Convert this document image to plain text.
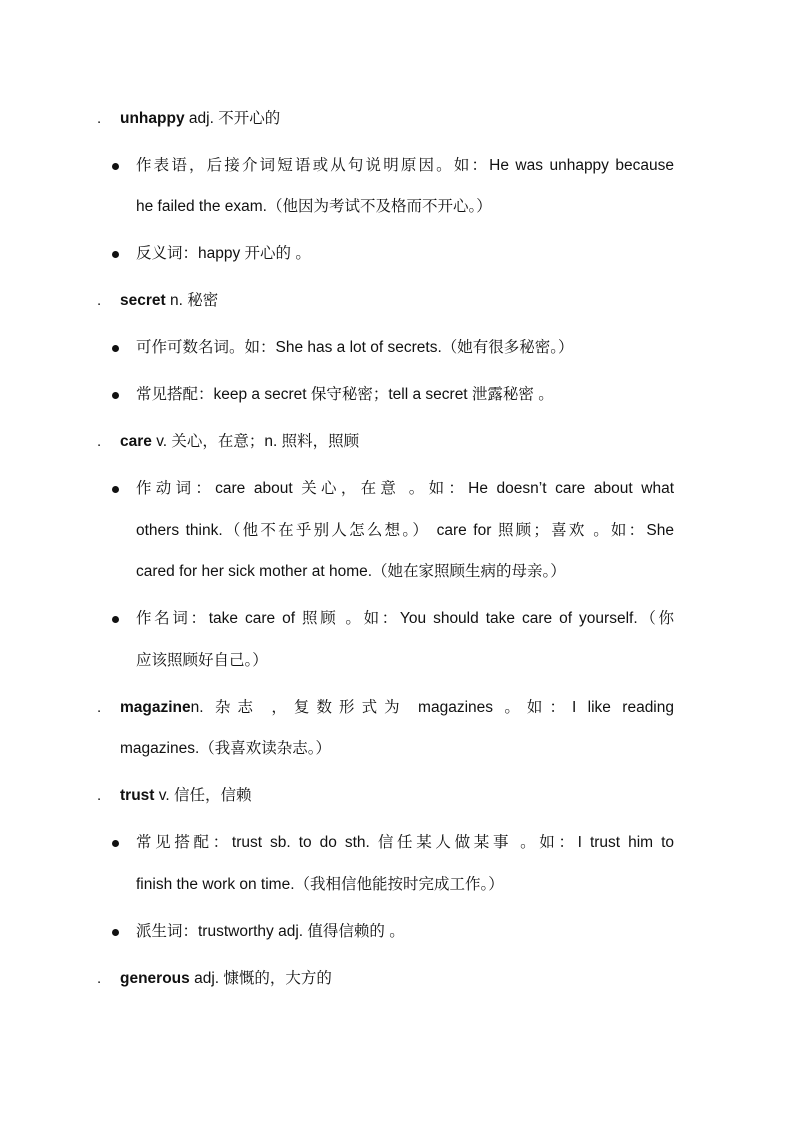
. unhappy adj. 不开心的
作表语，后接介词短语或从句说明原因。如：He was unhappy because
he failed the exam.（他因为考试不及格而不开心。）
反义词：happy 开心的 。
. secret n. 秘密
可作可数名词。如：She has a lot of secrets.（她有很多秘密。）
常见搭配：keep a secret 保守秘密；tell a secret 泄露秘密 。
. care v. 关心，在意；n. 照料，照顾
作动词：care about 关心，在意 。如：He doesn’t care about what
others think.（他不在乎别人怎么想。） care for 照顾；喜欢 。如：She
cared for her sick mother at home.（她在家照顾生病的母亲。）
作名词：take care of 照顾 。如：You should take care of yourself.（你
应该照顾好自己。）
. magazine n. 杂志 ，复数形式为 magazines 。如：I like reading
magazines.（我喜欢读杂志。）
. trust v. 信任，信赖
常见搭配：trust sb. to do sth. 信任某人做某事 。如：I trust him to
finish the work on time.（我相信他能按时完成工作。）
派生词：trustworthy adj. 值得信赖的 。
. generous adj. 慷慨的，大方的
